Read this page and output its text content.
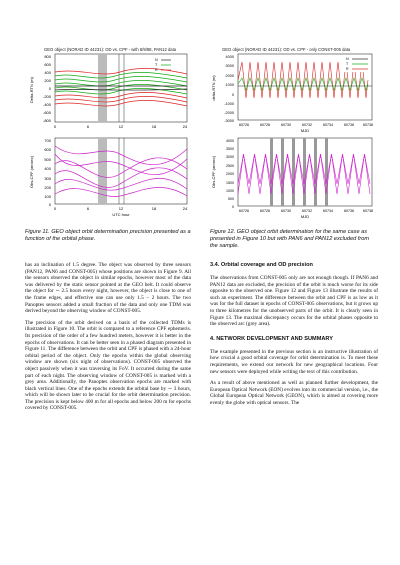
GEO object (NORAD ID 44231): OD vs. CPF - with 8/9/88, PAN12 data
800
600
400
200
0
-200
-400
-600
-800
Delta-RTN (m)
0	6	12	18	24
N
T
R
700
600
500
400
300
200
100
0
Obs-CPF (arcsec)
0	6	12	18	24
UTC hour
Figure 11. GEO object orbit determination precision presented as a function of the orbital phase.
GEO object (NORAD ID 44231): OD vs. CPF - only CONST-005 data
4000
3000
2000
1000
0
-1000
-2000
-3000
delta-RTN (m)
60726	60728	60730	60732	60734	60736	60738
MJD
N
T
R
4000
3500
3000
2500
2000
1500
1000
500
0
Obs-CPF (arcsec)
60726	60728	60730	60732	60734	60736	60738
MJD
Figure 12. GEO object orbit determination for the same case as presented in Figure 10 but with PAN6 and PAN12 excluded from the sample.

has an inclination of 1.5 degree. The object was observed by three sensors (PAN12, PAN6 and CONST-005) whose positions are shown in Figure 9. All the sensors observed the object in similar epochs, however most of the data was delivered by the static sensor pointed at the GEO belt. It could observe the object for ∼ 2.5 hours every night, however, the object is close to one of the frame edges, and effective one can use only 1.5 − 2 hours. The two Panoptes sensors added a small fraction of the data and only one TDM was derived beyond the observing window of CONST-005.

The precision of the orbit derived on a basis of the collected TDMs is illustrated in Figure 10. The orbit is compared to a reference CPF ephemeris. Its precision of the order of a few hundred meters, however it is better in the epochs of observations. It can be better seen in a phased diagram presented in Figure 11. The difference between the orbit and CPF is phased with a 24-hour orbital period of the object. Only the epochs within the global observing window are shown (six night of observations). CONST-005 observed the object passively when it was traversing its FoV. It occurred during the same part of each night. The observing window of CONST-005 is marked with a grey area. Additionally, the Panoptes observation epochs are marked with black vertical lines. One of the epochs extends the orbital base by ∼ 3 hours, which will be shown later to be crucial for the orbit determination precision. The precision is kept below 400 m for all epochs and below 200 m for epochs covered by CONST-005.

3.4. Orbital coverage and OD precision

The observations from CONST-005 only are not enough though. If PAN6 and PAN12 data are excluded, the precision of the orbit is much worse for its side opposite to the observed one. Figure 12 and Figure 13 illustrate the results of such an experiment. The difference between the orbit and CPF is as low as it was for the full dataset in epochs of CONST-005 observations, but it grows up to three kilometres for the unobserved parts of the orbit. It is clearly seen in Figure 13. The maximal discrepancy occurs for the orbital phases opposite to the observed arc (grey area).

4. NETWORK DEVELOPMENT AND SUMMARY

The example presented in the previous section is an instructive illustration of how crucial a good orbital coverage for orbit determination is. To meet these requirements, we extend our network for new geographical locations. Four new sensors were deployed while writing the text of this contribution.

As a result of above mentioned as well as planned further development, the European Optical Network (EON) evolves into its commercial version, i.e., the Global European Optical Network (GEON), which is aimed at covering more evenly the globe with optical sensors. The
